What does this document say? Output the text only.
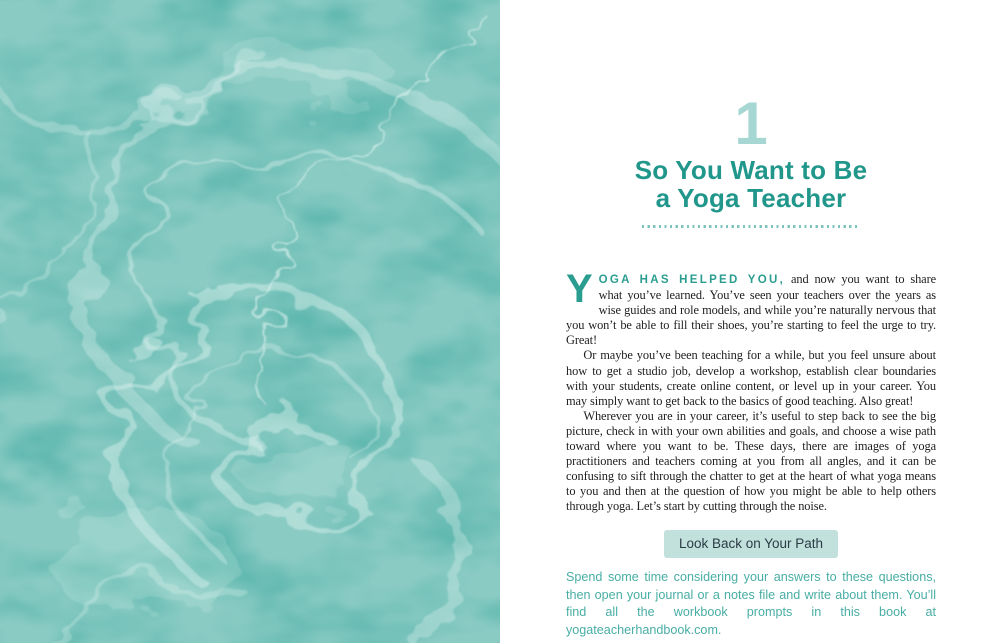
1
So You Want to Be
a Yoga Teacher

YOGA HAS HELPED YOU, and now you want to share what you’ve learned. You’ve seen your teachers over the years as wise guides and role models, and while you’re naturally nervous that you won’t be able to fill their shoes, you’re starting to feel the urge to try. Great!

Or maybe you’ve been teaching for a while, but you feel unsure about how to get a studio job, develop a workshop, establish clear boundaries with your students, create online content, or level up in your career. You may simply want to get back to the basics of good teaching. Also great!

Wherever you are in your career, it’s useful to step back to see the big picture, check in with your own abilities and goals, and choose a wise path toward where you want to be. These days, there are images of yoga practitioners and teachers coming at you from all angles, and it can be confusing to sift through the chatter to get at the heart of what yoga means to you and then at the question of how you might be able to help others through yoga. Let’s start by cutting through the noise.

Look Back on Your Path

Spend some time considering your answers to these questions, then open your journal or a notes file and write about them. You’ll find all the workbook prompts in this book at yogateacherhandbook.com.
